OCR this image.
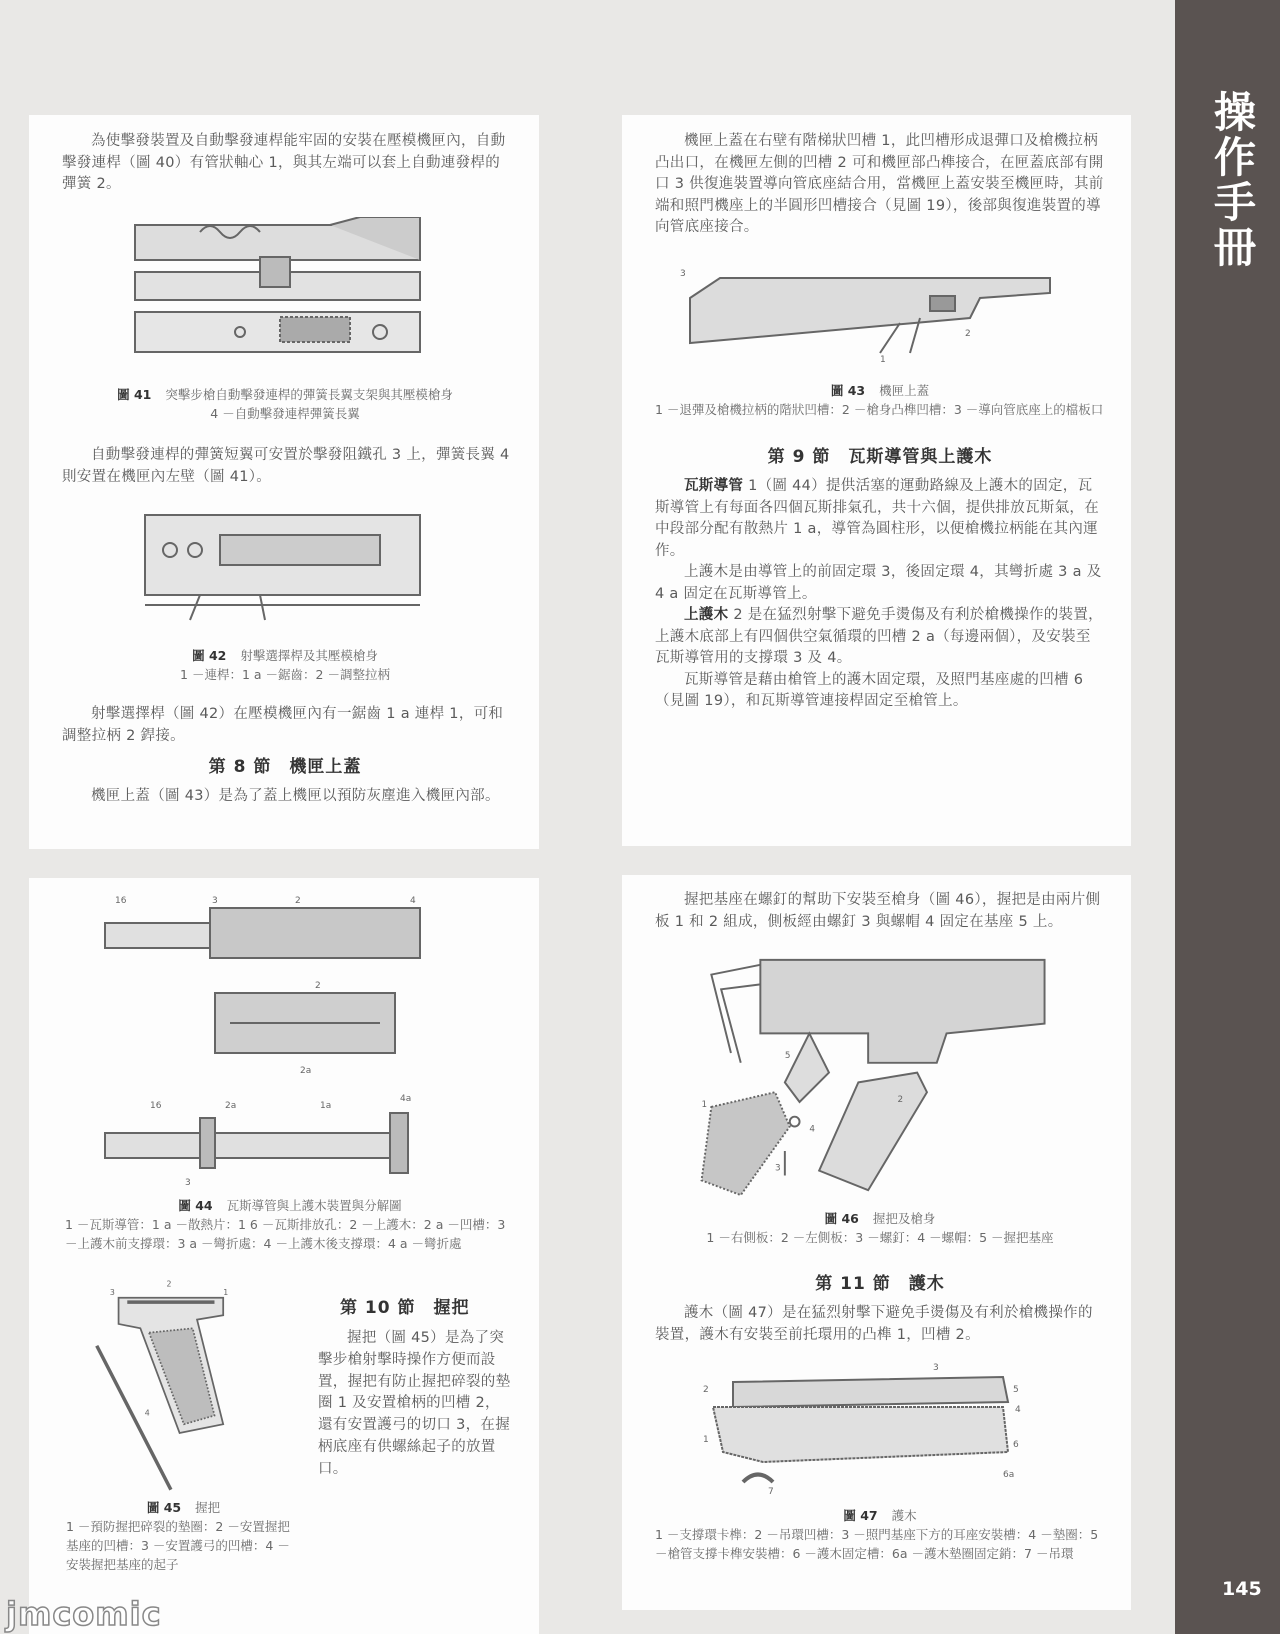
為使擊發裝置及自動擊發連桿能牢固的安裝在壓模機匣內，自動擊發連桿（圖 40）有管狀軸心 1，與其左端可以套上自動連發桿的彈簧 2。

圖 41 突擊步槍自動擊發連桿的彈簧長翼支架與其壓模槍身
4 －自動擊發連桿彈簧長翼

自動擊發連桿的彈簧短翼可安置於擊發阻鐵孔 3 上，彈簧長翼 4 則安置在機匣內左壁（圖 41）。

圖 42 射擊選擇桿及其壓模槍身
1 －連桿：1 a －鋸齒：2 －調整拉柄

射擊選擇桿（圖 42）在壓模機匣內有一鋸齒 1 a 連桿 1，可和調整拉柄 2 銲接。

第 8 節 機匣上蓋

機匣上蓋（圖 43）是為了蓋上機匣以預防灰塵進入機匣內部。

機匣上蓋在右壁有階梯狀凹槽 1，此凹槽形成退彈口及槍機拉柄凸出口，在機匣左側的凹槽 2 可和機匣部凸榫接合，在匣蓋底部有開口 3 供復進裝置導向管底座結合用，當機匣上蓋安裝至機匣時，其前端和照門機座上的半圓形凹槽接合（見圖 19），後部與復進裝置的導向管底座接合。

3
2
1
圖 43 機匣上蓋
1 －退彈及槍機拉柄的階狀凹槽：2 －槍身凸榫凹槽：3 －導向管底座上的檔板口
第 9 節 瓦斯導管與上護木

瓦斯導管 1（圖 44）提供活塞的運動路線及上護木的固定，瓦斯導管上有每面各四個瓦斯排氣孔，共十六個，提供排放瓦斯氣，在中段部分配有散熱片 1 a，導管為圓柱形，以便槍機拉柄能在其內運作。

上護木是由導管上的前固定環 3，後固定環 4，其彎折處 3 a 及 4 a 固定在瓦斯導管上。

上護木 2 是在猛烈射擊下避免手燙傷及有利於槍機操作的裝置，上護木底部上有四個供空氣循環的凹槽 2 a（每邊兩個），及安裝至瓦斯導管用的支撐環 3 及 4。

瓦斯導管是藉由槍管上的護木固定環，及照門基座處的凹槽 6（見圖 19），和瓦斯導管連接桿固定至槍管上。

16	3	2	4
2
2a
16	2a	1a
4a
3
圖 44 瓦斯導管與上護木裝置與分解圖
1 －瓦斯導管：1 a －散熱片：1 6 －瓦斯排放孔：2 －上護木：2 a －凹槽：3 －上護木前支撐環：3 a －彎折處：4 －上護木後支撐環：4 a －彎折處
3
2
1
4
第 10 節 握把

握把（圖 45）是為了突擊步槍射擊時操作方便而設置，握把有防止握把碎裂的墊圈 1 及安置槍柄的凹槽 2，還有安置護弓的切口 3，在握柄底座有供螺絲起子的放置口。

圖 45 握把
1 －預防握把碎裂的墊圈：2 －安置握把基座的凹槽：3 －安置護弓的凹槽：4 －安裝握把基座的起子

握把基座在螺釘的幫助下安裝至槍身（圖 46），握把是由兩片側板 1 和 2 組成，側板經由螺釘 3 與螺帽 4 固定在基座 5 上。

5
1
4
3
2
圖 46 握把及槍身
1 －右側板：2 －左側板：3 －螺釘：4 －螺帽：5 －握把基座
第 11 節 護木

護木（圖 47）是在猛烈射擊下避免手燙傷及有利於槍機操作的裝置，護木有安裝至前托環用的凸榫 1，凹槽 2。

2
3
5
4
1	6
6a
7
圖 47 護木
1 －支撐環卡榫：2 －吊環凹槽：3 －照門基座下方的耳座安裝槽：4 －墊圈：5 －槍管支撐卡榫安裝槽：6 －護木固定槽：6a －護木墊圈固定銷：7 －吊環
操作手冊
145
jmcomic
